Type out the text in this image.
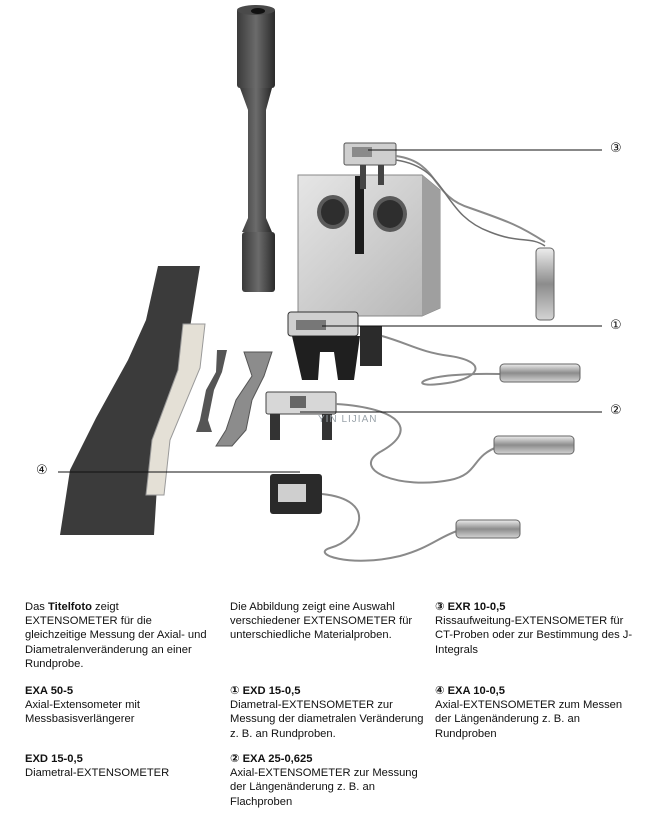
YIN LIJIAN
③
①
②
④

Das Titelfoto zeigt EXTENSOMETER für die gleichzeitige Messung der Axial- und Diametralenveränderung an einer Rundprobe.

EXA 50-5

Axial-Extensometer mit Messbasisverlängerer

EXD 15-0,5

Diametral-EXTENSOMETER

Die Abbildung zeigt eine Auswahl verschiedener EXTENSOMETER für unterschiedliche Materialproben.

① EXD 15-0,5

Diametral-EXTENSOMETER zur Messung der diametralen Veränderung z. B. an Rundproben.

② EXA 25-0,625

Axial-EXTENSOMETER zur Messung der Längenänderung z. B. an Flachproben

③ EXR 10-0,5

Rissaufweitung-EXTENSOMETER für CT-Proben oder zur Bestimmung des J-Integrals

④ EXA 10-0,5

Axial-EXTENSOMETER zum Messen der Längenänderung z. B. an Rundproben
